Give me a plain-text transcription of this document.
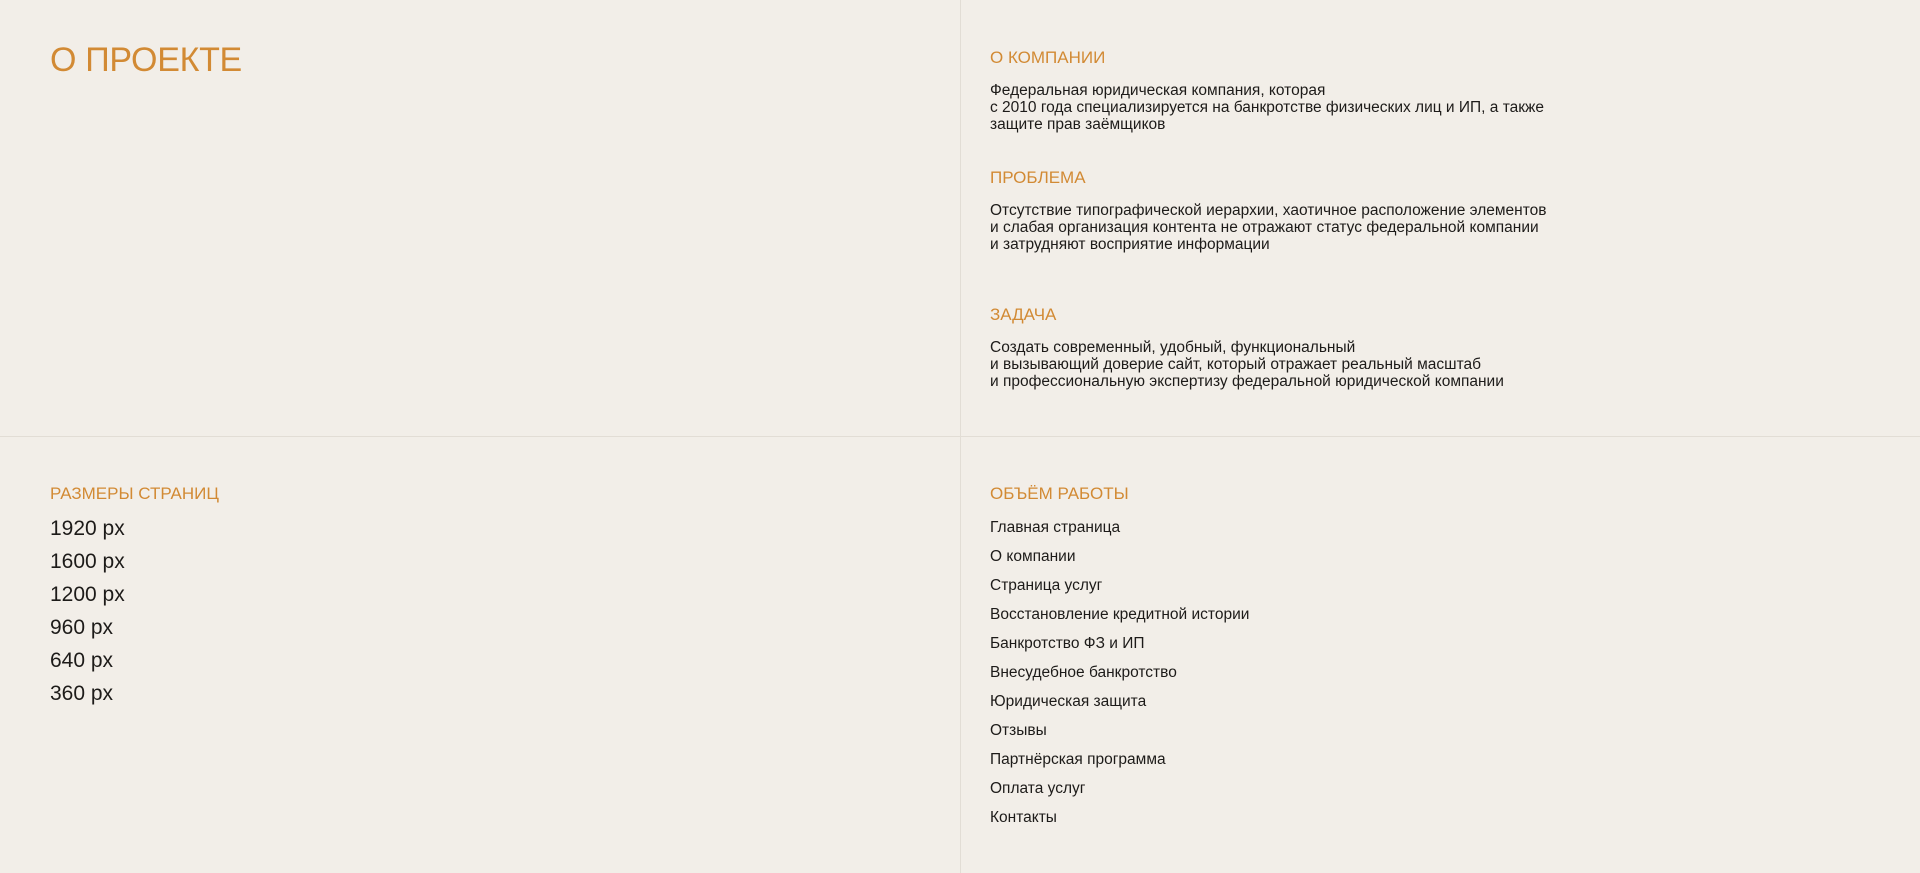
О ПРОЕКТЕ	О КОМПАНИИ

Федеральная юридическая компания, которая
с 2010 года специализируется на банкротстве физических лиц и ИП, а также
защите прав заёмщиков

ПРОБЛЕМА

Отсутствие типографической иерархии, хаотичное расположение элементов
и слабая организация контента не отражают статус федеральной компании
и затрудняют восприятие информации

ЗАДАЧА

Создать современный, удобный, функциональный
и вызывающий доверие сайт, который отражает реальный масштаб
и профессиональную экспертизу федеральной юридической компании

РАЗМЕРЫ СТРАНИЦ
1920 px
1600 px
1200 px
960 px
640 px
360 px
ОБЪЁМ РАБОТЫ
Главная страница
О компании
Страница услуг
Восстановление кредитной истории
Банкротство ФЗ и ИП
Внесудебное банкротство
Юридическая защита
Отзывы
Партнёрская программа
Оплата услуг
Контакты
